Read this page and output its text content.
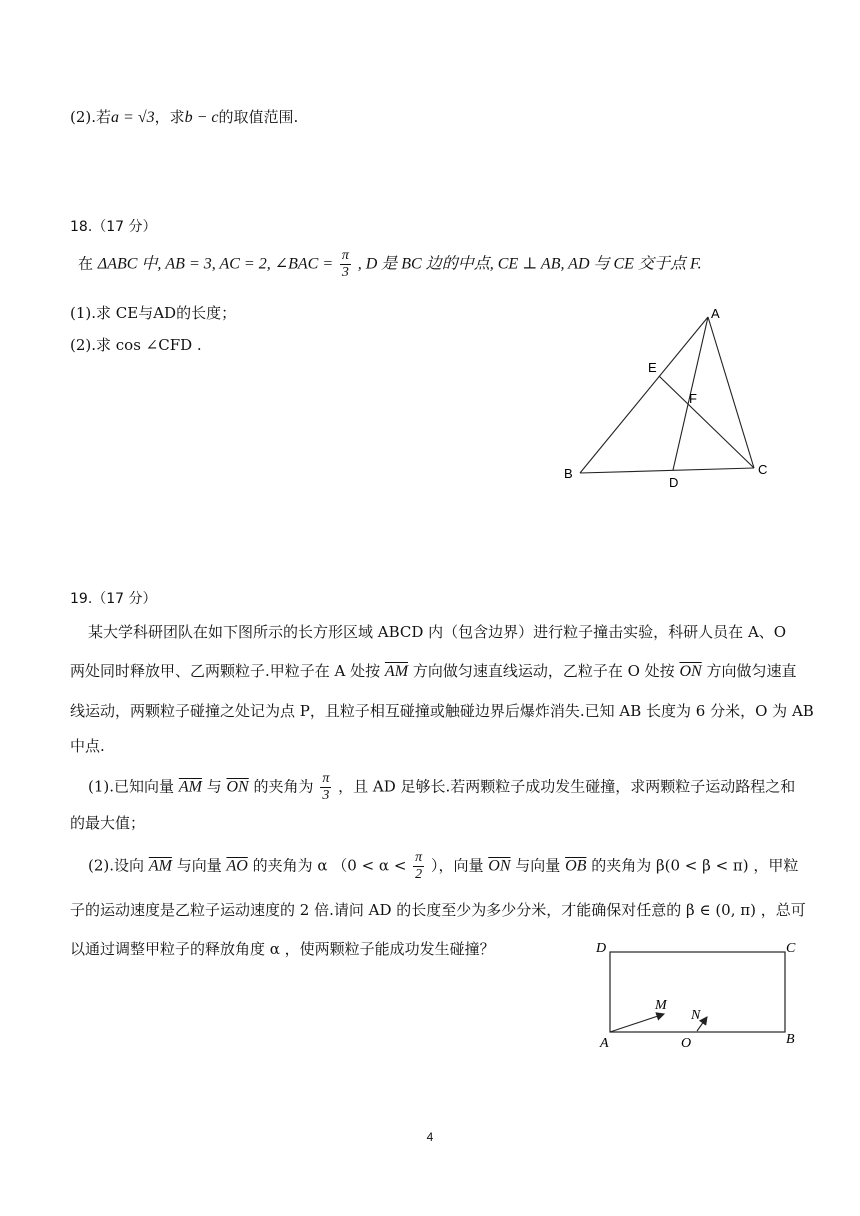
(2).若a = √3，求b − c的取值范围.
18.（17 分）
在 ΔABC 中, AB = 3, AC = 2, ∠BAC = $\frac{\pi}{3}$ , D 是 BC 边的中点, CE ⊥ AB, AD 与 CE 交于点 F.
(1).求 CE与AD的长度；
(2).求 cos ∠CFD .
A
B	C
D
E
F
19.（17 分）
某大学科研团队在如下图所示的长方形区域 ABCD 内（包含边界）进行粒子撞击实验，科研人员在 A、O
两处同时释放甲、乙两颗粒子.甲粒子在 A 处按 $\overline{AM}$ 方向做匀速直线运动，乙粒子在 O 处按 $\overline{ON}$ 方向做匀速直
线运动，两颗粒子碰撞之处记为点 P，且粒子相互碰撞或触碰边界后爆炸消失.已知 AB 长度为 6 分米，O 为 AB
中点.
(1).已知向量 $\overline{AM}$ 与 $\overline{ON}$ 的夹角为 $\frac{\pi}{3}$ ，且 AD 足够长.若两颗粒子成功发生碰撞，求两颗粒子运动路程之和
的最大值；
(2).设向 $\overline{AM}$ 与向量 $\overline{AO}$ 的夹角为 α （$0 < \alpha < \frac{\pi}{2}$ ），向量 $\overline{ON}$ 与向量 $\overline{OB}$ 的夹角为 β(0 < β < π) ，甲粒
子的运动速度是乙粒子运动速度的 2 倍.请问 AD 的长度至少为多少分米，才能确保对任意的 β ∈ (0, π) ，总可
以通过调整甲粒子的释放角度 α ，使两颗粒子能成功发生碰撞？	D	C
A	B
O
M
N
4
